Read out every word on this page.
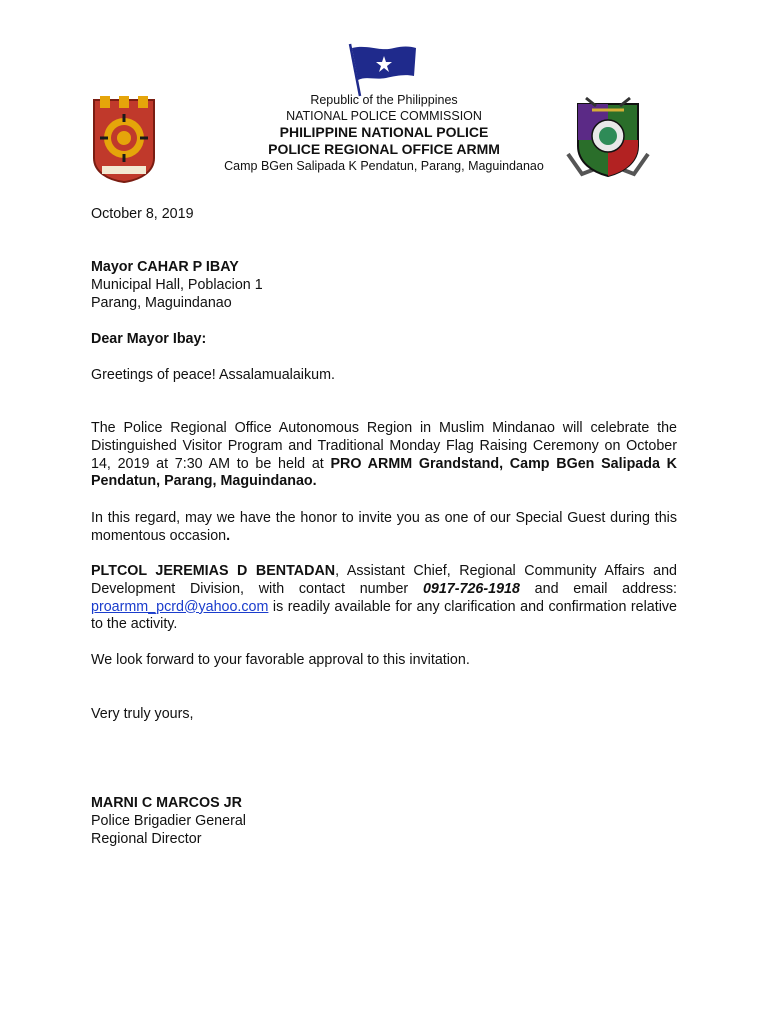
Republic of the Philippines
NATIONAL POLICE COMMISSION
PHILIPPINE NATIONAL POLICE
POLICE REGIONAL OFFICE ARMM
Camp BGen Salipada K Pendatun, Parang, Maguindanao
October 8, 2019
Mayor CAHAR P IBAY
Municipal Hall, Poblacion 1
Parang, Maguindanao
Dear Mayor Ibay:
Greetings of peace! Assalamualaikum.
The Police Regional Office Autonomous Region in Muslim Mindanao will celebrate the Distinguished Visitor Program and Traditional Monday Flag Raising Ceremony on October 14, 2019 at 7:30 AM to be held at PRO ARMM Grandstand, Camp BGen Salipada K Pendatun, Parang, Maguindanao.
In this regard, may we have the honor to invite you as one of our Special Guest during this momentous occasion.
PLTCOL JEREMIAS D BENTADAN, Assistant Chief, Regional Community Affairs and Development Division, with contact number 0917-726-1918 and email address: proarmm_pcrd@yahoo.com is readily available for any clarification and confirmation relative to the activity.
We look forward to your favorable approval to this invitation.
Very truly yours,
MARNI C MARCOS JR
Police Brigadier General
Regional Director
